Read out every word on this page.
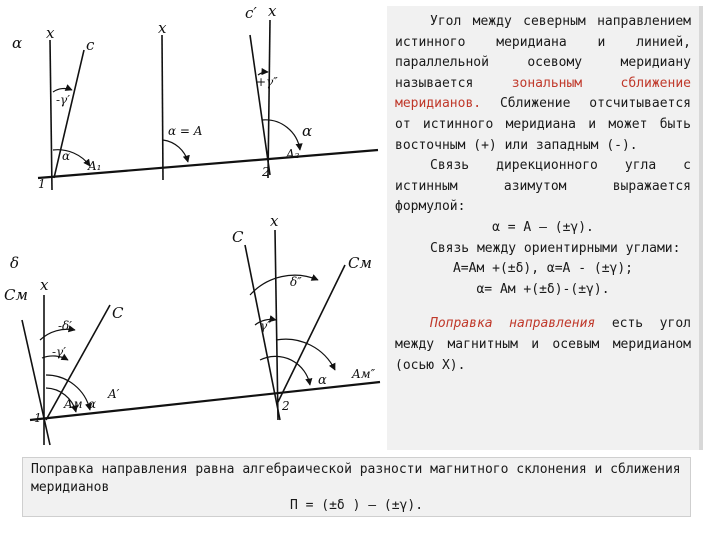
α
x
c
-γ′
α
A₁
1
x
α = A
c′ x
+γ″
α
A₂
2
δ
Cм
x
C
-δ′
-γ′
Aм α
A′
1
x
C
Cм
δ″
γ″
α Aм″
2

Угол между северным направлением истинного меридиана и линией, параллельной осевому меридиану называется зональным сближение меридианов. Сближение отсчитывается от истинного меридиана и может быть восточным (+) или западным (-).

Связь дирекционного угла с истинным азимутом выражается формулой:

α = А – (±γ).

Связь между ориентирными углами:

А=Ам +(±δ), α=А - (±γ);

α= Ам +(±δ)-(±γ).

Поправка направления есть угол между магнитным и осевым меридианом (осью Х).

Поправка направления равна алгебраической разности магнитного склонения и сближения меридианов
П = (±δ ) – (±γ).
